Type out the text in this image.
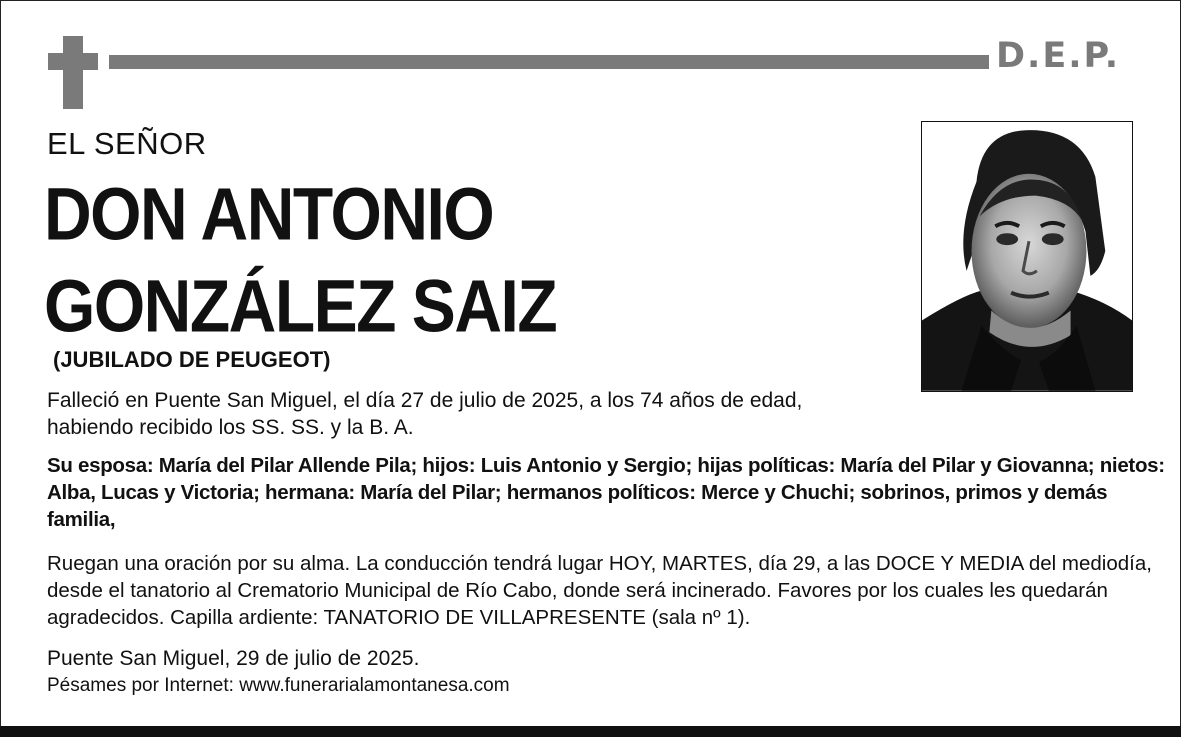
D.E.P.
EL SEÑOR
DON ANTONIO
GONZÁLEZ SAIZ
(JUBILADO DE PEUGEOT)

Falleció en Puente San Miguel, el día 27 de julio de 2025, a los 74 años de edad, habiendo recibido los SS. SS. y la B. A.

Su esposa: María del Pilar Allende Pila; hijos: Luis Antonio y Sergio; hijas políticas: María del Pilar y Giovanna; nietos: Alba, Lucas y Victoria; hermana: María del Pilar; hermanos políticos: Merce y Chuchi; sobrinos, primos y demás familia,

Ruegan una oración por su alma. La conducción tendrá lugar HOY, MARTES, día 29, a las DOCE Y MEDIA del mediodía, desde el tanatorio al Crematorio Municipal de Río Cabo, donde será incinerado. Favores por los cuales les quedarán agradecidos. Capilla ardiente: TANATORIO DE VILLAPRESENTE (sala nº 1).

Puente San Miguel, 29 de julio de 2025.

Pésames por Internet: www.funerarialamontanesa.com
